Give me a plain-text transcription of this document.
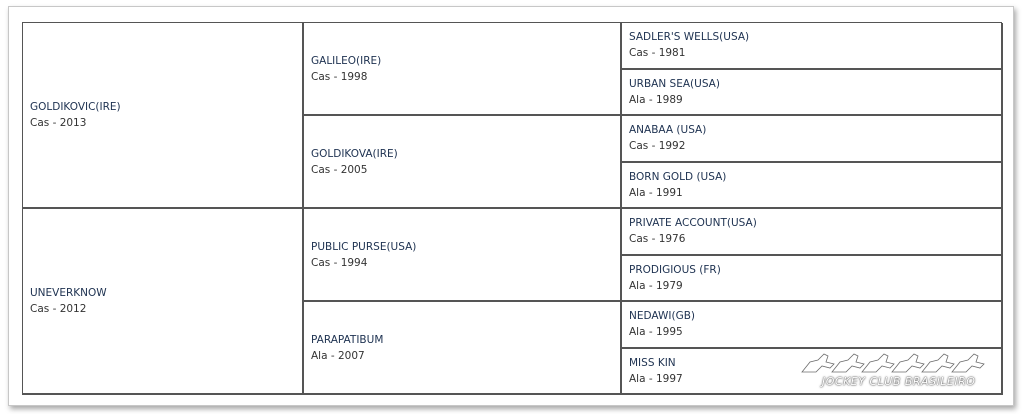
GOLDIKOVIC(IRE)
Cas - 2013
UNEVERKNOW
Cas - 2012
GALILEO(IRE)
Cas - 1998
GOLDIKOVA(IRE)
Cas - 2005
PUBLIC PURSE(USA)
Cas - 1994
PARAPATIBUM
Ala - 2007
SADLER'S WELLS(USA)
Cas - 1981
URBAN SEA(USA)
Ala - 1989
ANABAA (USA)
Cas - 1992
BORN GOLD (USA)
Ala - 1991
PRIVATE ACCOUNT(USA)
Cas - 1976
PRODIGIOUS (FR)
Ala - 1979
NEDAWI(GB)
Ala - 1995
MISS KIN
Ala - 1997	JOCKEY CLUB BRASILEIRO
